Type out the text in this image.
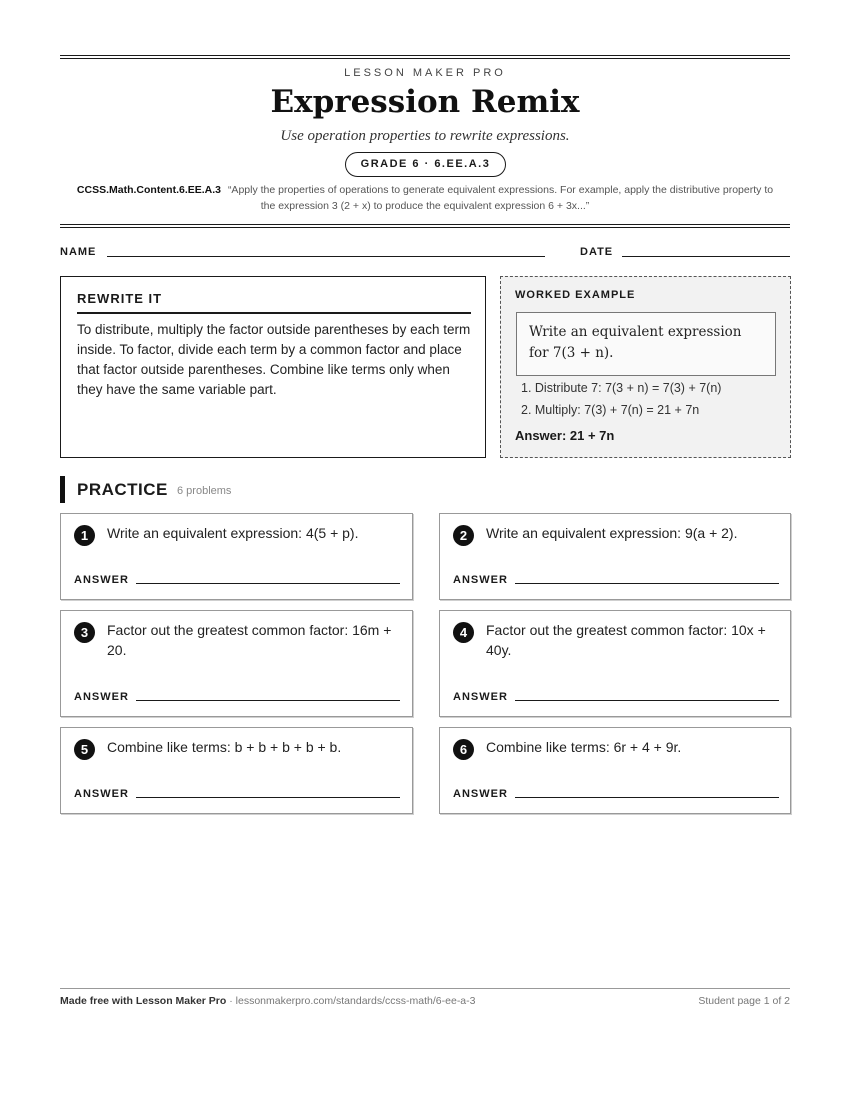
LESSON MAKER PRO
Expression Remix
Use operation properties to rewrite expressions.
GRADE 6 · 6.EE.A.3
CCSS.Math.Content.6.EE.A.3 “Apply the properties of operations to generate equivalent expressions. For example, apply the distributive property to the expression 3 (2 + x) to produce the equivalent expression 6 + 3x...”
NAME	DATE
REWRITE IT
To distribute, multiply the factor outside parentheses by each term inside. To factor, divide each term by a common factor and place that factor outside parentheses. Combine like terms only when they have the same variable part.
WORKED EXAMPLE
Write an equivalent expression for 7(3 + n).
1. Distribute 7: 7(3 + n) = 7(3) + 7(n)
2. Multiply: 7(3) + 7(n) = 21 + 7n
Answer: 21 + 7n
PRACTICE 6 problems
1	Write an equivalent expression: 4(5 + p).
ANSWER
2	Write an equivalent expression: 9(a + 2).
ANSWER
3	Factor out the greatest common factor: 16m + 20.
ANSWER
4	Factor out the greatest common factor: 10x + 40y.
ANSWER
5	Combine like terms: b + b + b + b + b.
ANSWER
6	Combine like terms: 6r + 4 + 9r.
ANSWER
Made free with Lesson Maker Pro · lessonmakerpro.com/standards/ccss-math/6-ee-a-3	Student page 1 of 2
